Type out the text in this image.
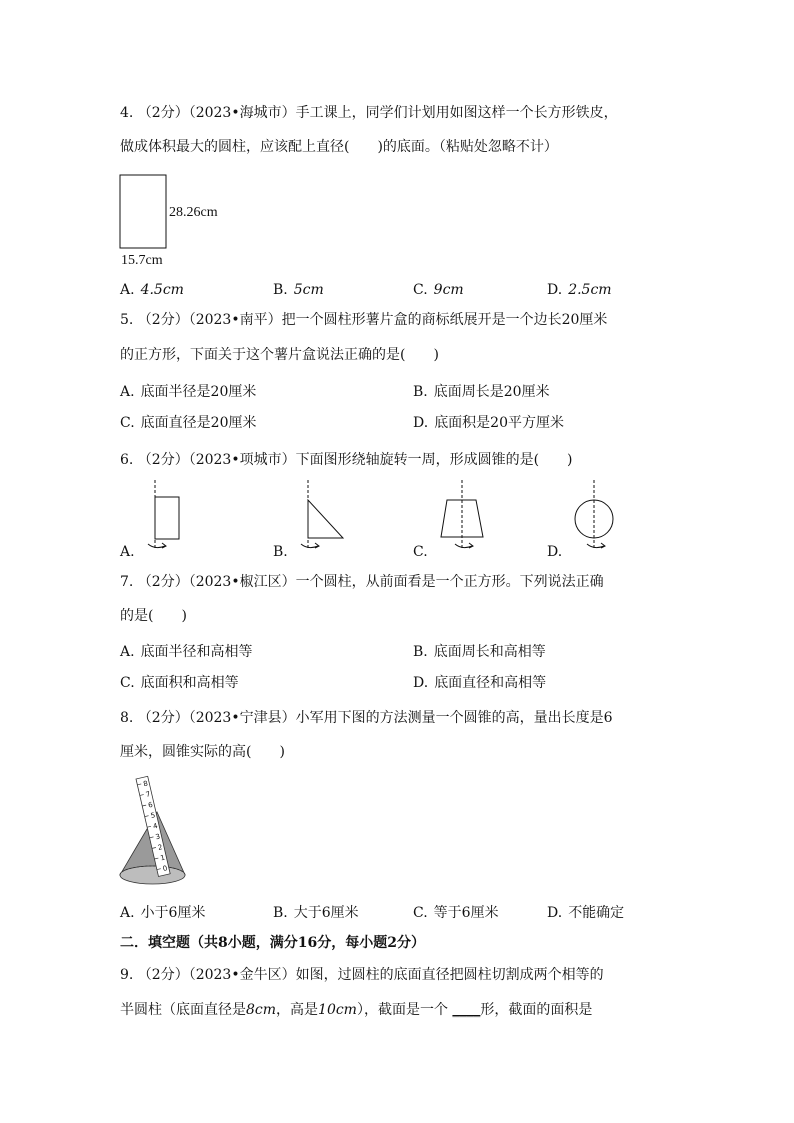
4. （2分）（2023•海城市）手工课上，同学们计划用如图这样一个长方形铁皮，
做成体积最大的圆柱，应该配上直径(　　)的底面。（粘贴处忽略不计）
28.26cm
15.7cm
A. 4.5cm	B. 5cm	C. 9cm	D. 2.5cm
5. （2分）（2023•南平）把一个圆柱形薯片盒的商标纸展开是一个边长20厘米
的正方形，下面关于这个薯片盒说法正确的是(　　)
A. 底面半径是20厘米	B. 底面周长是20厘米
C. 底面直径是20厘米	D. 底面积是20平方厘米
6. （2分）（2023•项城市）下面图形绕轴旋转一周，形成圆锥的是(　　)
A.	B.	C.	D.
7. （2分）（2023•椒江区）一个圆柱，从前面看是一个正方形。下列说法正确
的是(　　)
A. 底面半径和高相等	B. 底面周长和高相等
C. 底面积和高相等	D. 底面直径和高相等
8. （2分）（2023•宁津县）小军用下图的方法测量一个圆锥的高，量出长度是6
厘米，圆锥实际的高(　　)
8
7
6
5
4
3
2
1
0
A. 小于6厘米	B. 大于6厘米	C. 等于6厘米	D. 不能确定
二．填空题（共8小题，满分16分，每小题2分）
9. （2分）（2023•金牛区）如图，过圆柱的底面直径把圆柱切割成两个相等的
半圆柱（底面直径是8cm，高是10cm），截面是一个 ____形，截面的面积是
